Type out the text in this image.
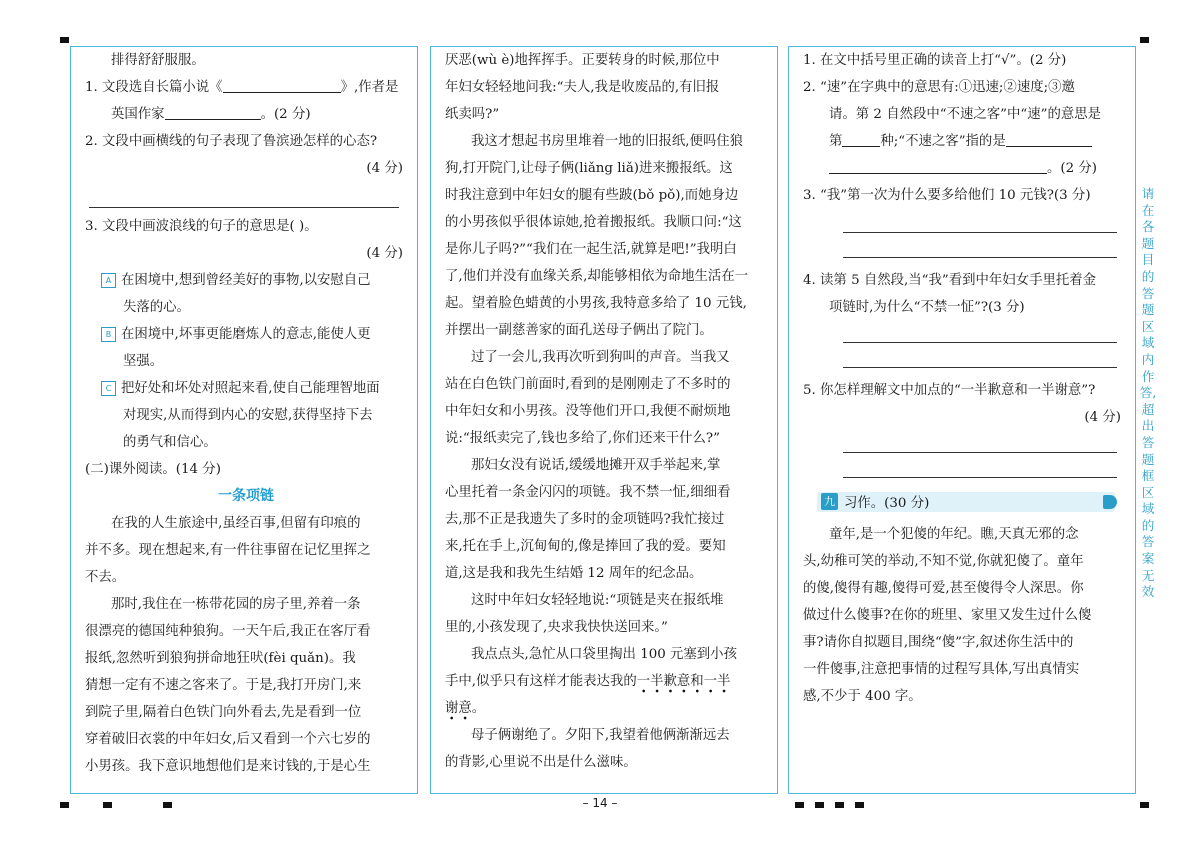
排得舒舒服服。
1. 文段选自长篇小说《	》,作者是
英国作家	。(2 分)
2. 文段中画横线的句子表现了鲁滨逊怎样的心态?
(4 分)
3. 文段中画波浪线的句子的意思是( )。
(4 分)
A 在困境中,想到曾经美好的事物,以安慰自己
失落的心。
B 在困境中,坏事更能磨炼人的意志,能使人更
坚强。
C 把好处和坏处对照起来看,使自己能理智地面
对现实,从而得到内心的安慰,获得坚持下去
的勇气和信心。
(二)课外阅读。(14 分)
一条项链
在我的人生旅途中,虽经百事,但留有印痕的
并不多。现在想起来,有一件往事留在记忆里挥之
不去。
那时,我住在一栋带花园的房子里,养着一条
很漂亮的德国纯种狼狗。一天午后,我正在客厅看
报纸,忽然听到狼狗拼命地狂吠(fèi quǎn)。我
猜想一定有不速之客来了。于是,我打开房门,来
到院子里,隔着白色铁门向外看去,先是看到一位
穿着破旧衣裳的中年妇女,后又看到一个六七岁的
小男孩。我下意识地想他们是来讨钱的,于是心生
厌恶(wù è)地挥挥手。正要转身的时候,那位中
年妇女轻轻地问我:“夫人,我是收废品的,有旧报
纸卖吗?”
我这才想起书房里堆着一地的旧报纸,便吗住狼
狗,打开院门,让母子俩(liǎng liǎ)进来搬报纸。这
时我注意到中年妇女的腿有些跛(bǒ pǒ),而她身边
的小男孩似乎很体谅她,抢着搬报纸。我顺口问:“这
是你儿子吗?”“我们在一起生活,就算是吧!”我明白
了,他们并没有血缘关系,却能够相依为命地生活在一
起。望着脸色蜡黄的小男孩,我特意多给了 10 元钱,
并摆出一副慈善家的面孔送母子俩出了院门。
过了一会儿,我再次听到狗叫的声音。当我又
站在白色铁门前面时,看到的是刚刚走了不多时的
中年妇女和小男孩。没等他们开口,我便不耐烦地
说:“报纸卖完了,钱也多给了,你们还来干什么?”
那妇女没有说话,缓缓地摊开双手举起来,掌
心里托着一条金闪闪的项链。我不禁一怔,细细看
去,那不正是我遗失了多时的金项链吗?我忙接过
来,托在手上,沉甸甸的,像是捧回了我的爱。要知
道,这是我和我先生结婚 12 周年的纪念品。
这时中年妇女轻轻地说:“项链是夹在报纸堆
里的,小孩发现了,央求我快快送回来。”
我点点头,急忙从口袋里掏出 100 元塞到小孩
手中,似乎只有这样才能表达我的一半歉意和一半
谢意。
母子俩谢绝了。夕阳下,我望着他俩渐渐远去
的背影,心里说不出是什么滋味。
1. 在文中括号里正确的读音上打“√”。(2 分)
2. “速”在字典中的意思有:①迅速;②速度;③邀
请。第 2 自然段中“不速之客”中“速”的意思是
第	种;“不速之客”指的是
。(2 分)
3. “我”第一次为什么要多给他们 10 元钱?(3 分)
4. 读第 5 自然段,当“我”看到中年妇女手里托着金
项链时,为什么“不禁一怔”?(3 分)
5. 你怎样理解文中加点的“一半歉意和一半谢意”?
(4 分)
九 习作。(30 分)
童年,是一个犯傻的年纪。瞧,天真无邪的念
头,幼稚可笑的举动,不知不觉,你就犯傻了。童年
的傻,傻得有趣,傻得可爱,甚至傻得令人深思。你
做过什么傻事?在你的班里、家里又发生过什么傻
事?请你自拟题目,围绕“傻”字,叙述你生活中的
一件傻事,注意把事情的过程写具体,写出真情实
感,不少于 400 字。
请在各题目的答题区域内作答,超出答题框区域的答案无效
– 14 –
